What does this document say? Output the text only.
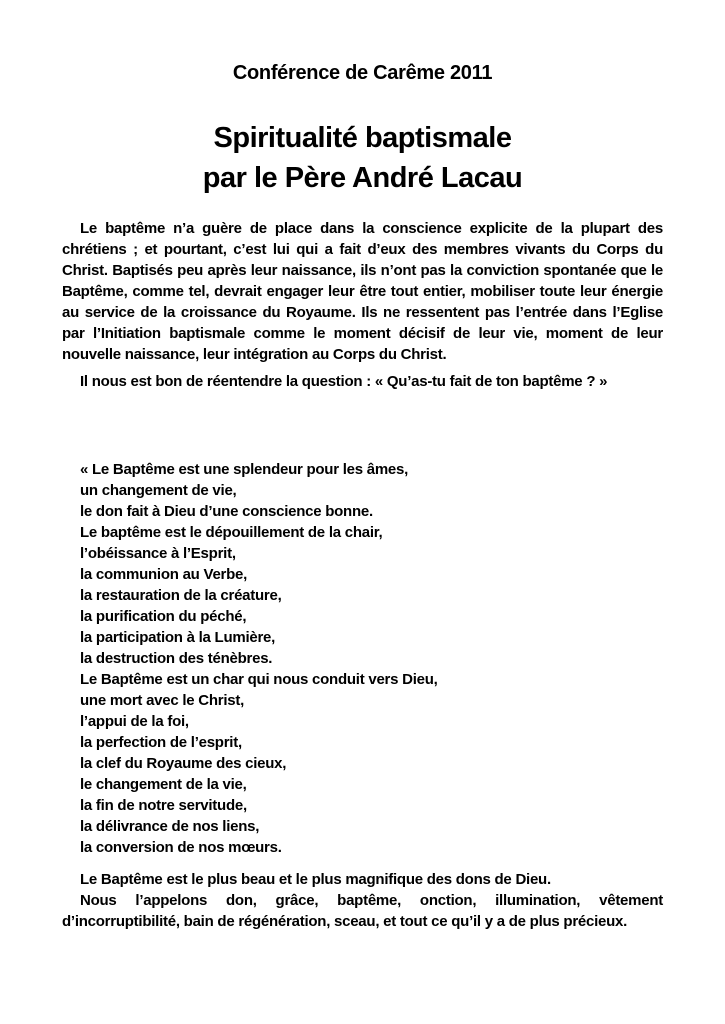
Conférence de Carême 2011
Spiritualité baptismale
par le Père André Lacau

Le baptême n’a guère de place dans la conscience explicite de la plupart des chrétiens ; et pourtant, c’est lui qui a fait d’eux des membres vivants du Corps du Christ. Baptisés peu après leur naissance, ils n’ont pas la conviction spontanée que le Baptême, comme tel, devrait engager leur être tout entier, mobiliser toute leur énergie au service de la croissance du Royaume. Ils ne ressentent pas l’entrée dans l’Eglise par l’Initiation baptismale comme le moment décisif de leur vie, moment de leur nouvelle naissance, leur intégration au Corps du Christ.

Il nous est bon de réentendre la question : « Qu’as-tu fait de ton baptême ? »

« Le Baptême est une splendeur pour les âmes,
un changement de vie,
le don fait à Dieu d’une conscience bonne.
Le baptême est le dépouillement de la chair,
l’obéissance à l’Esprit,
la communion au Verbe,
la restauration de la créature,
la purification du péché,
la participation à la Lumière,
la destruction des ténèbres.
Le Baptême est un char qui nous conduit vers Dieu,
une mort avec le Christ,
l’appui de la foi,
la perfection de l’esprit,
la clef du Royaume des cieux,
le changement de la vie,
la fin de notre servitude,
la délivrance de nos liens,
la conversion de nos mœurs.

Le Baptême est le plus beau et le plus magnifique des dons de Dieu.

Nous l’appelons don, grâce, baptême, onction, illumination, vêtement d’incorruptibilité, bain de régénération, sceau, et tout ce qu’il y a de plus précieux.
